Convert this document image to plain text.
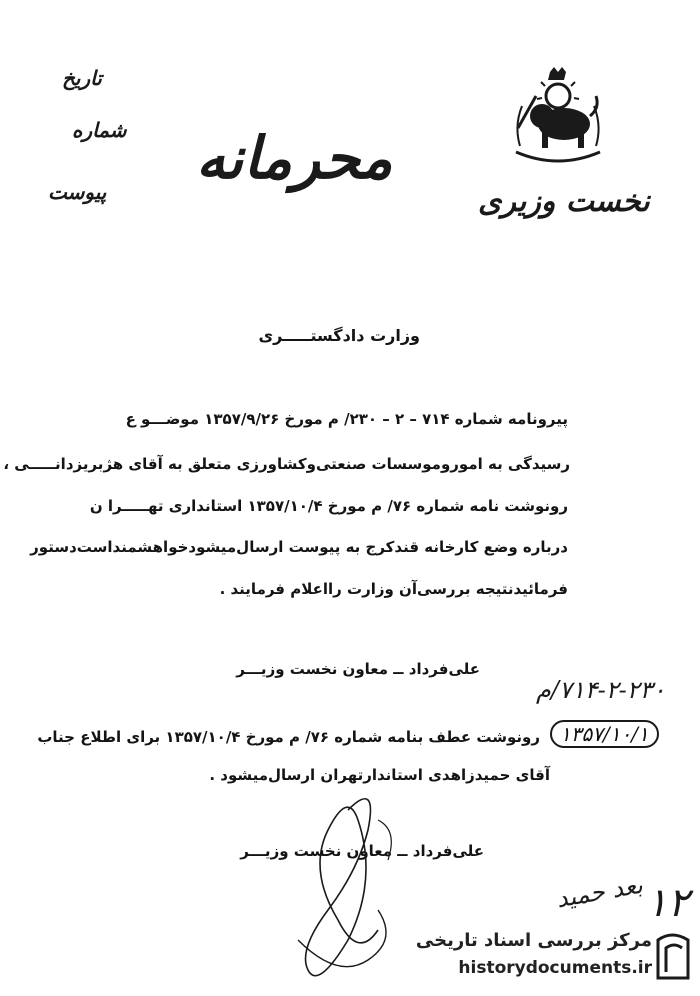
تاریخ
شماره
پیوست محرمانه
نخست وزیری
وزارت دادگستـــــری
پیرونامه شماره ۷۱۴ – ۲ – ۲۳۰/ م مورخ ۱۳۵۷/۹/۲۶ موضـــو ع
رسیدگی به اموروموسسات صنعتی‌وکشاورزی متعلق به آقای هژبریزدانـــــی ،
رونوشت نامه شماره ۷۶/ م مورخ ۱۳۵۷/۱۰/۴ استانداری تهـــــرا ن
درباره وضع کارخانه قندکرج به پیوست ارسال‌میشودخواهشمنداست‌دستور
فرمائیدنتیجه بررسی‌آن وزارت رااعلام فرمایند .
علی‌فرداد ــ معاون نخست وزیـــر
۷۱۴-۲-۲۳۰/م
۱۳۵۷/۱۰/۱
رونوشت عطف بنامه شماره ۷۶/ م مورخ ۱۳۵۷/۱۰/۴ برای اطلاع جناب
آقای حمیدزاهدی استاندارتهران ارسال‌میشود .
علی‌فرداد ــ معاون نخست وزیـــر
بعد حمید ١٢
مرکز بررسی اسناد تاریخی
historydocuments.ir
